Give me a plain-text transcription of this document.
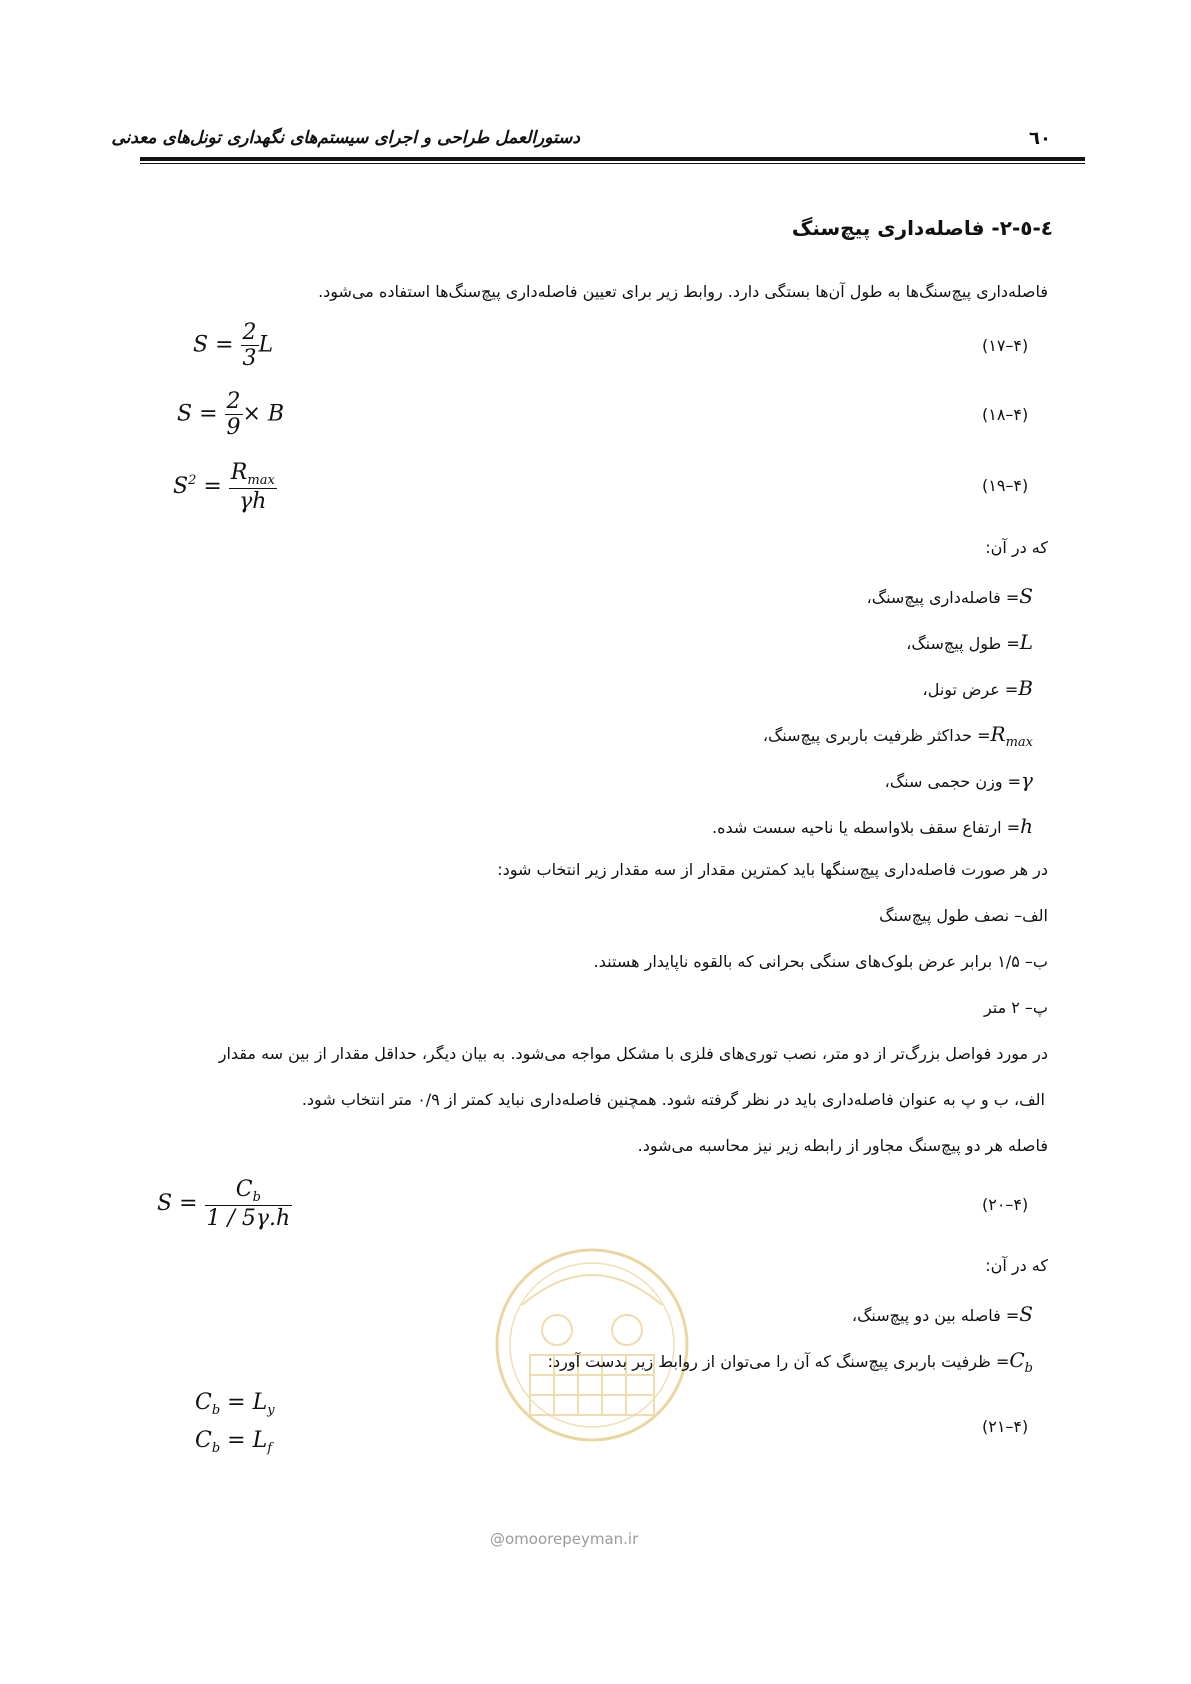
٦٠
دستورالعمل طراحی و اجرای سیستم‌های نگهداری تونل‌های معدنی
٤-٥-٢- فاصله‌داری پیچ‌سنگ
فاصله‌داری پیچ‌سنگ‌ها به طول آن‌ها بستگی دارد. روابط زیر برای تعیین فاصله‌داری پیچ‌سنگ‌ها استفاده می‌شود.
$S = \frac{2}{3}$ L	(۱۷–۴)
$S = \frac{2}{9} \times B$	(۱۸–۴)
$S^2 = \frac{R_{max}}{\gamma h}$	(۱۹–۴)
که در آن:
S= فاصله‌داری پیچ‌سنگ،
L= طول پیچ‌سنگ،
B= عرض تونل،
$R_{max}=$ حداکثر ظرفیت باربری پیچ‌سنگ،
γ= وزن حجمی سنگ،
h= ارتفاع سقف بلاواسطه یا ناحیه سست شده.
در هر صورت فاصله‌داری پیچ‌سنگها باید کمترین مقدار از سه مقدار زیر انتخاب شود:
الف– نصف طول پیچ‌سنگ
ب– ۱/۵ برابر عرض بلوک‌های سنگی بحرانی که بالقوه ناپایدار هستند.
پ– ۲ متر
در مورد فواصل بزرگ‌تر از دو متر، نصب توری‌های فلزی با مشکل مواجه می‌شود. به بیان دیگر، حداقل مقدار از بین سه مقدار
الف، ب و پ به عنوان فاصله‌داری باید در نظر گرفته شود. همچنین فاصله‌داری نباید کمتر از ۰/۹ متر انتخاب شود.
فاصله هر دو پیچ‌سنگ مجاور از رابطه زیر نیز محاسبه می‌شود.
$S = \frac{C_b}{1 / 5\gamma.h}$	(۲۰–۴)
که در آن:
S= فاصله بین دو پیچ‌سنگ،
$C_b=$ ظرفیت باربری پیچ‌سنگ که آن را می‌توان از روابط زیر بدست آورد:
$C_b = L_y$
$C_b = L_f$
(۲۱–۴)
@omoorepeyman.ir
